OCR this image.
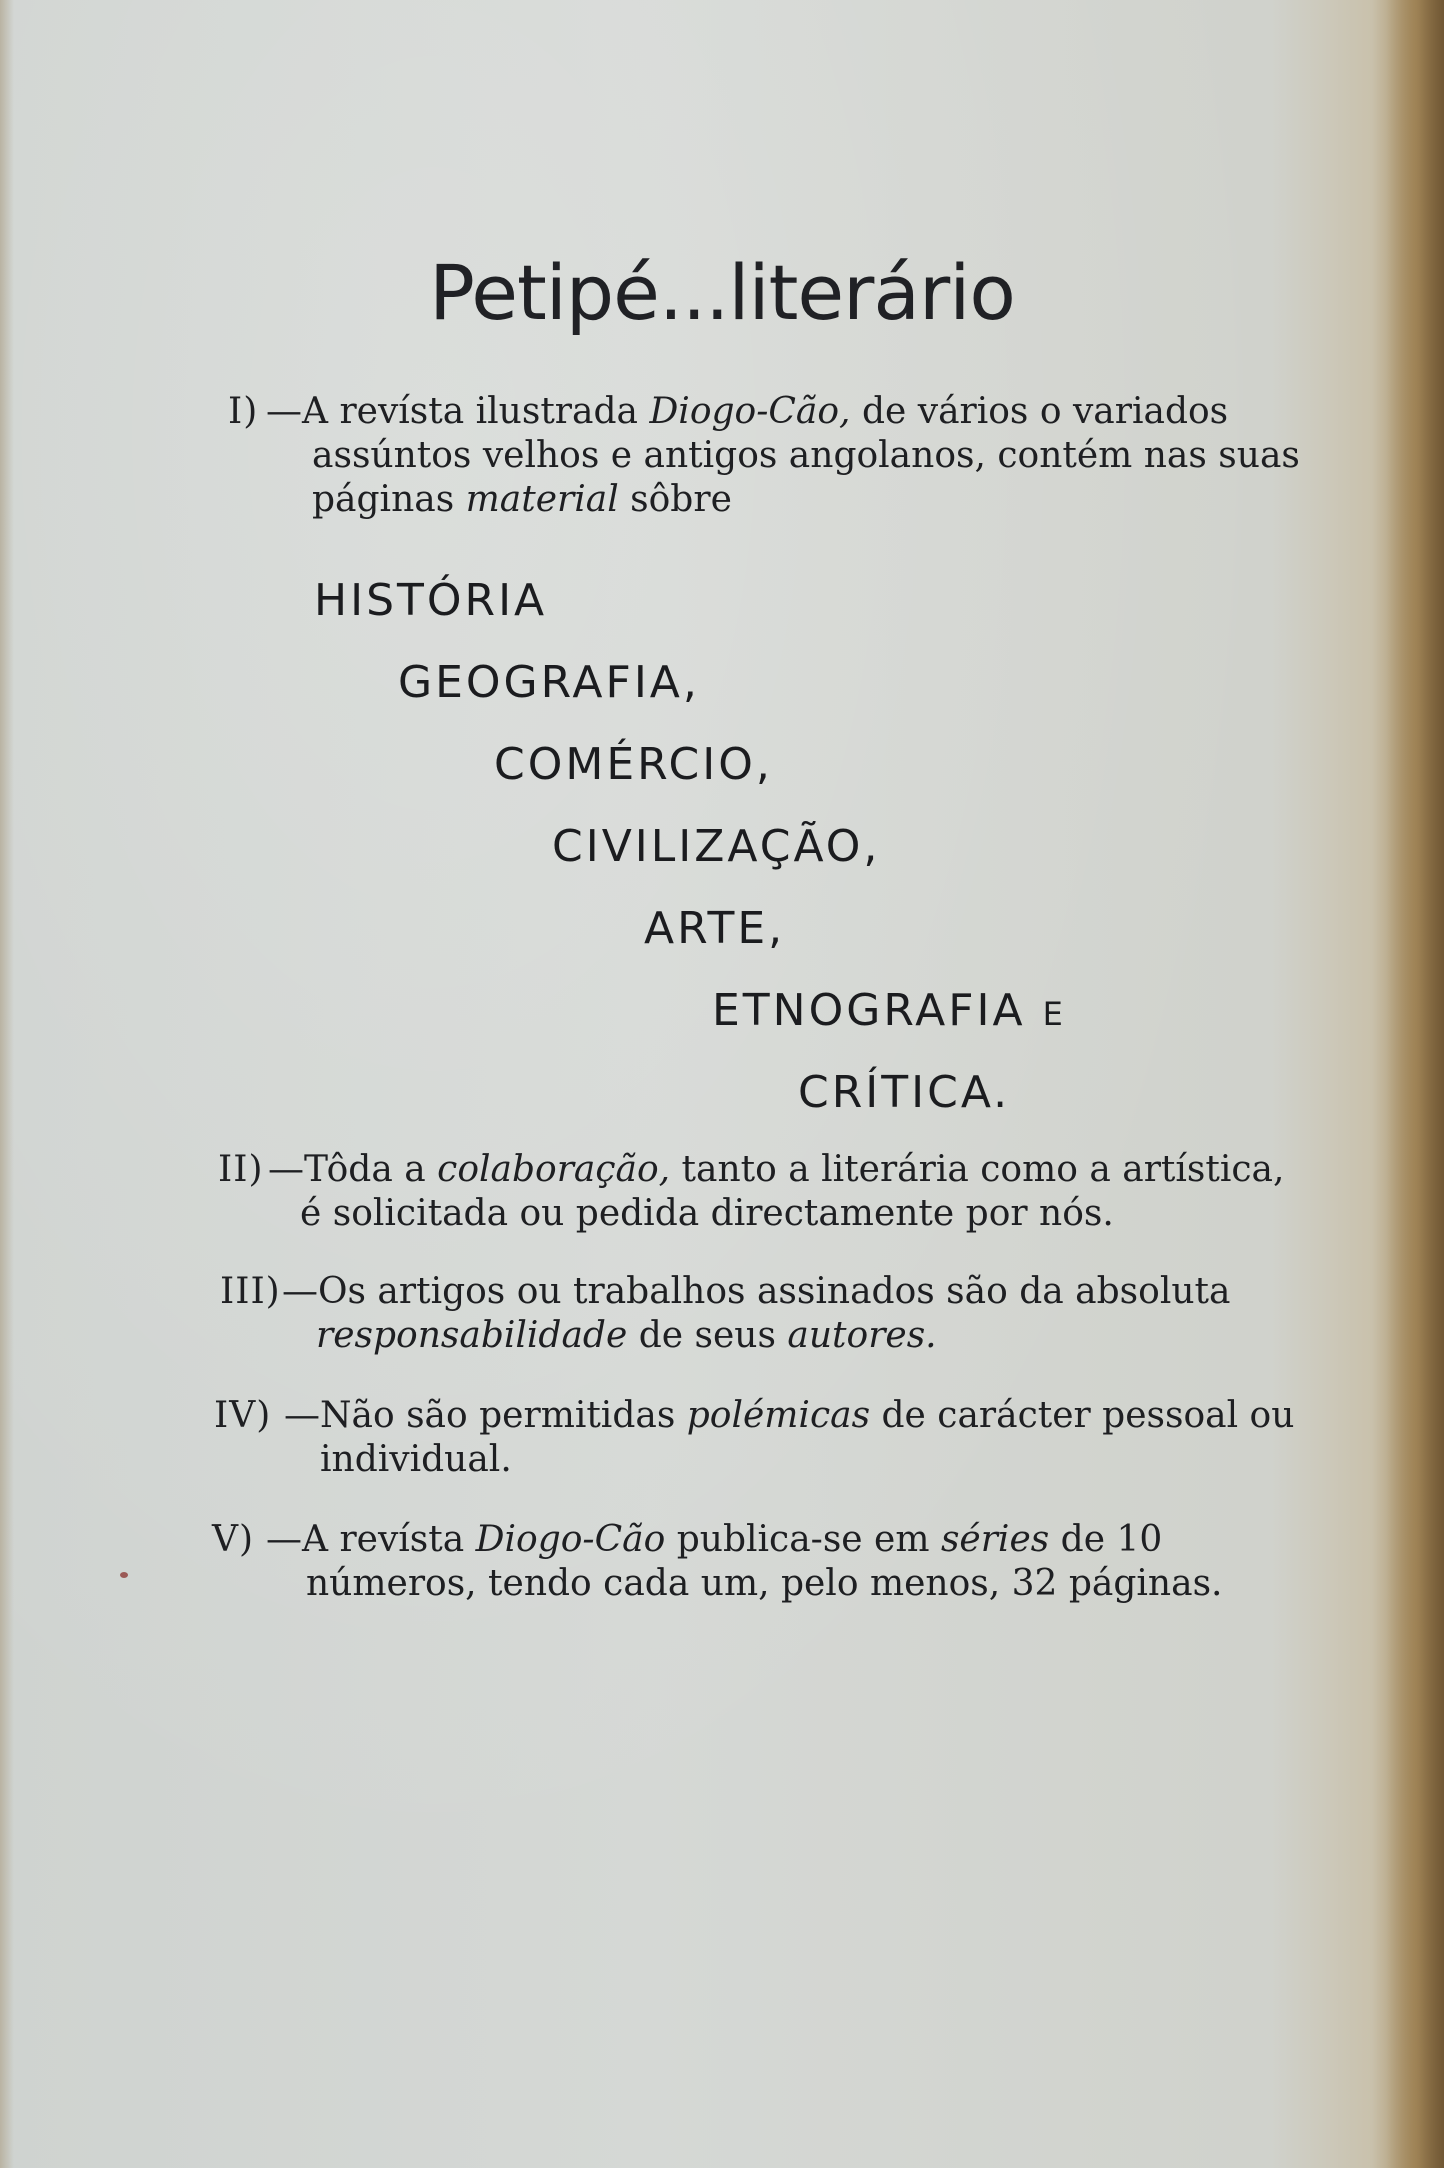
Petipé...literário
I) —A revísta ilustrada Diogo-Cão, de vários o variados
assúntos velhos e antigos angolanos, contém nas suas
páginas material sôbre
HISTÓRIA
GEOGRAFIA,
COMÉRCIO,
CIVILIZAÇÃO,
ARTE,
ETNOGRAFIA E
CRÍTICA.
II) —Tôda a colaboração, tanto a literária como a artística,
é solicitada ou pedida directamente por nós.
III) —Os artigos ou trabalhos assinados são da absoluta
responsabilidade de seus autores.
IV) —Não são permitidas polémicas de carácter pessoal ou
individual.
V) —A revísta Diogo-Cão publica-se em séries de 10
números, tendo cada um, pelo menos, 32 páginas.
